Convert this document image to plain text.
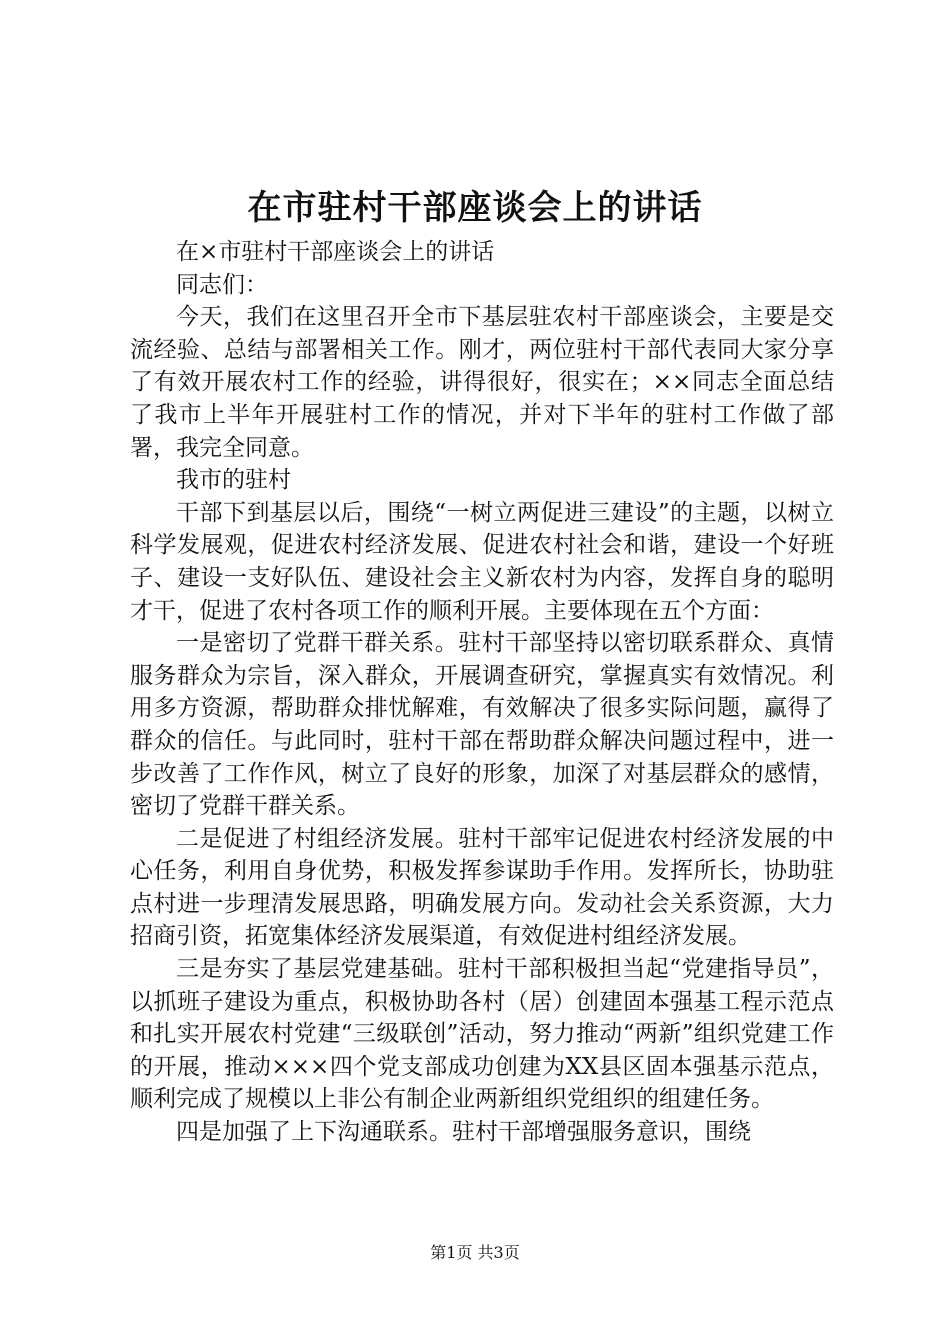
在市驻村干部座谈会上的讲话

在×市驻村干部座谈会上的讲话

同志们：

今天，我们在这里召开全市下基层驻农村干部座谈会，主要是交流经验、总结与部署相关工作。刚才，两位驻村干部代表同大家分享了有效开展农村工作的经验，讲得很好，很实在；××同志全面总结了我市上半年开展驻村工作的情况，并对下半年的驻村工作做了部署，我完全同意。

我市的驻村

干部下到基层以后，围绕“一树立两促进三建设”的主题，以树立科学发展观，促进农村经济发展、促进农村社会和谐，建设一个好班子、建设一支好队伍、建设社会主义新农村为内容，发挥自身的聪明才干，促进了农村各项工作的顺利开展。主要体现在五个方面：

一是密切了党群干群关系。驻村干部坚持以密切联系群众、真情服务群众为宗旨，深入群众，开展调查研究，掌握真实有效情况。利用多方资源，帮助群众排忧解难，有效解决了很多实际问题，赢得了群众的信任。与此同时，驻村干部在帮助群众解决问题过程中，进一步改善了工作作风，树立了良好的形象，加深了对基层群众的感情，密切了党群干群关系。

二是促进了村组经济发展。驻村干部牢记促进农村经济发展的中心任务，利用自身优势，积极发挥参谋助手作用。发挥所长，协助驻点村进一步理清发展思路，明确发展方向。发动社会关系资源，大力招商引资，拓宽集体经济发展渠道，有效促进村组经济发展。

三是夯实了基层党建基础。驻村干部积极担当起“党建指导员”，以抓班子建设为重点，积极协助各村（居）创建固本强基工程示范点和扎实开展农村党建“三级联创”活动，努力推动“两新”组织党建工作的开展，推动×××四个党支部成功创建为XX县区固本强基示范点，顺利完成了规模以上非公有制企业两新组织党组织的组建任务。

四是加强了上下沟通联系。驻村干部增强服务意识，围绕

第1页 共3页
